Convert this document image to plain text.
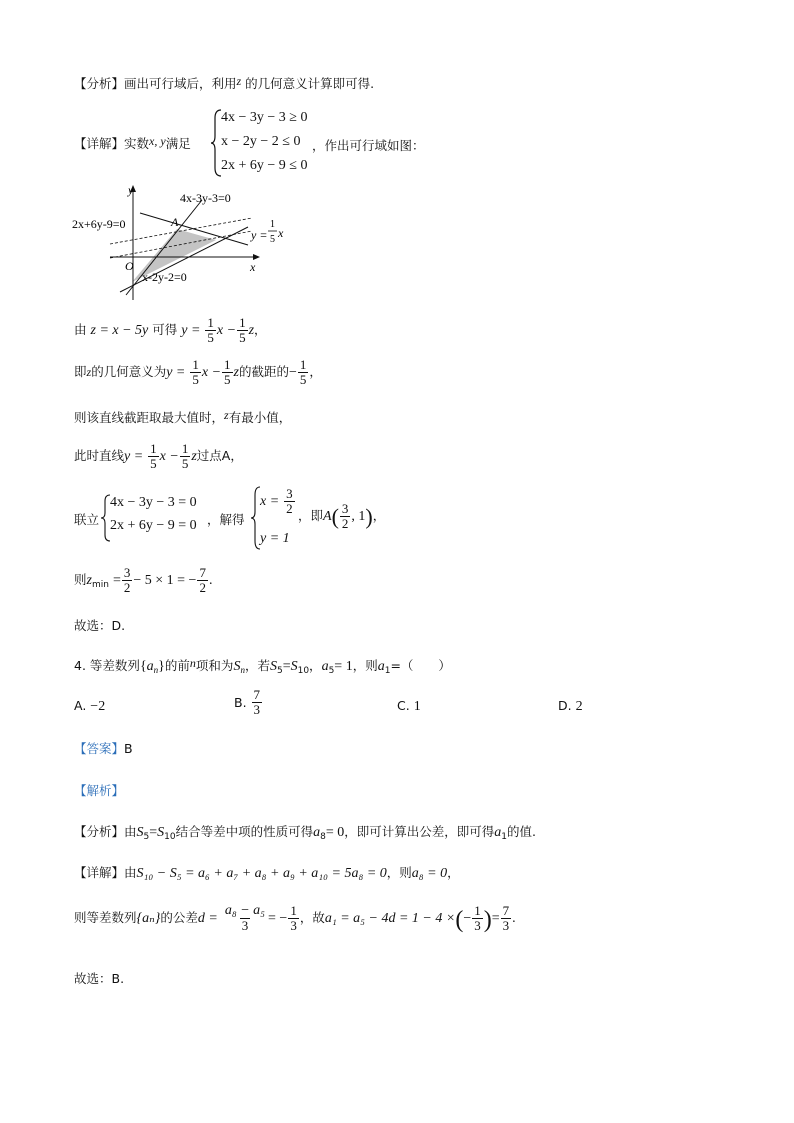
【分析】画出可行域后，利用z 的几何意义计算即可得.
【详解】实数x, y满足
4x − 3y − 3 ≥ 0
x − 2y − 2 ≤ 0
2x + 6y − 9 ≤ 0
，作出可行域如图：
y
x
O
A
4x-3y-3=0
2x+6y-9=0
x-2y-2=0
y =
1
5 x
由 z = x − 5y 可得 $y = \frac{1}{5}$ $x - \frac{1}{5}$ z，
即z的几何意义为$y = \frac{1}{5}$ $x - \frac{1}{5}$ z的截距的− $\frac{1}{5}$ ，
则该直线截距取最大值时，z有最小值，
此时直线$y = \frac{1}{5}$ $x - \frac{1}{5}$ z过点A，
联立
4x − 3y − 3 = 0
2x + 6y − 9 = 0 ，解得
$x = \frac{3}{2}$
y = 1
，即$A( \frac{3}{2}$ , 1)，
则$z_{min} = \frac{3}{2} - 5 \times 1$ = − $\frac{7}{2}$ .
故选：D.
4. 等差数列$\{a_n\}$的前n项和为$S_n$，若$S_5=S_{10}$，$a_5= 1$，则$a_1=$（　　）
A. −2	B. $\frac{7}{3}$	C. 1	D. 2
【答案】B
【解析】
【分析】由$S_5=S_{10}$结合等差中项的性质可得$a_8= 0$，即可计算出公差，即可得$a_1$的值.
【详解】由S₁₀ − S₅ = a₆ + a₇ + a₈ + a₉ + a₁₀ = 5a₈ = 0，则a₈ = 0，
则等差数列{aₙ}的公差$d = \frac{\text{a₈ − a₅}}{3}$ = − $\frac{1}{3}$ ，故a₁ = a₅ − 4d = 1 − 4 ×(− $\frac{1}{3}$ )= $\frac{7}{3}$ .
故选：B.
